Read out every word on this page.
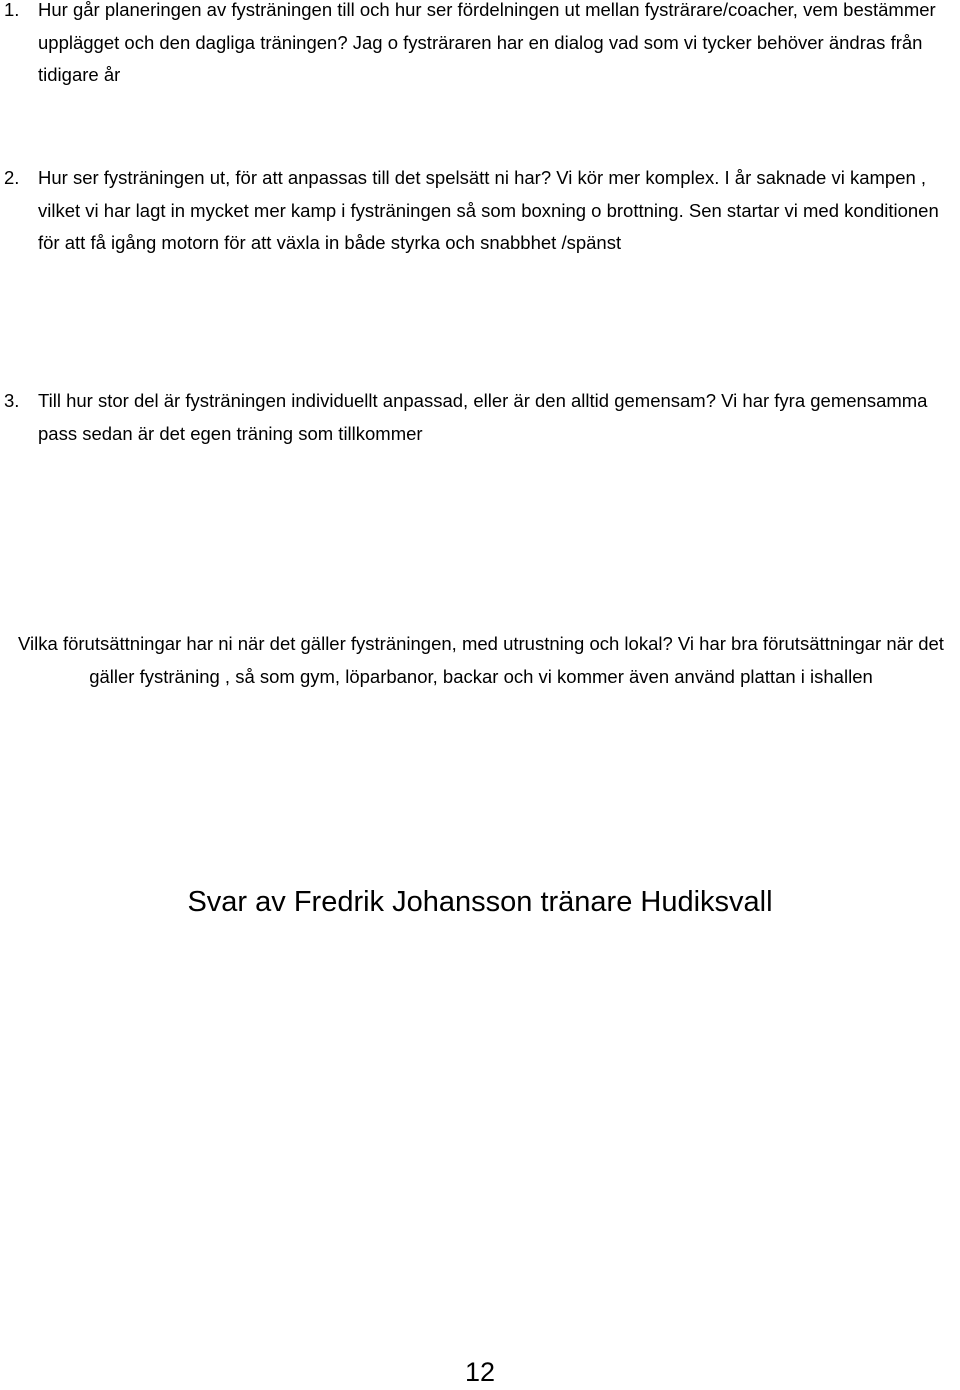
1. Hur går planeringen av fysträningen till och hur ser fördelningen ut mellan fysträrare/coacher, vem bestämmer upplägget och den dagliga träningen? Jag o fysträraren har en dialog vad som vi tycker behöver ändras från tidigare år
2. Hur ser fysträningen ut, för att anpassas till det spelsätt ni har? Vi kör mer komplex. I år saknade vi kampen , vilket vi har lagt in mycket mer kamp i fysträningen så som boxning o brottning. Sen startar vi med konditionen för att få igång motorn för att växla in både styrka och snabbhet /spänst
3. Till hur stor del är fysträningen individuellt anpassad, eller är den alltid gemensam? Vi har fyra gemensamma pass sedan är det egen träning som tillkommer
Vilka förutsättningar har ni när det gäller fysträningen, med utrustning och lokal? Vi har bra förutsättningar när det gäller fysträning , så som gym, löparbanor, backar och vi kommer även använd plattan i ishallen
Svar av Fredrik Johansson tränare Hudiksvall
12
